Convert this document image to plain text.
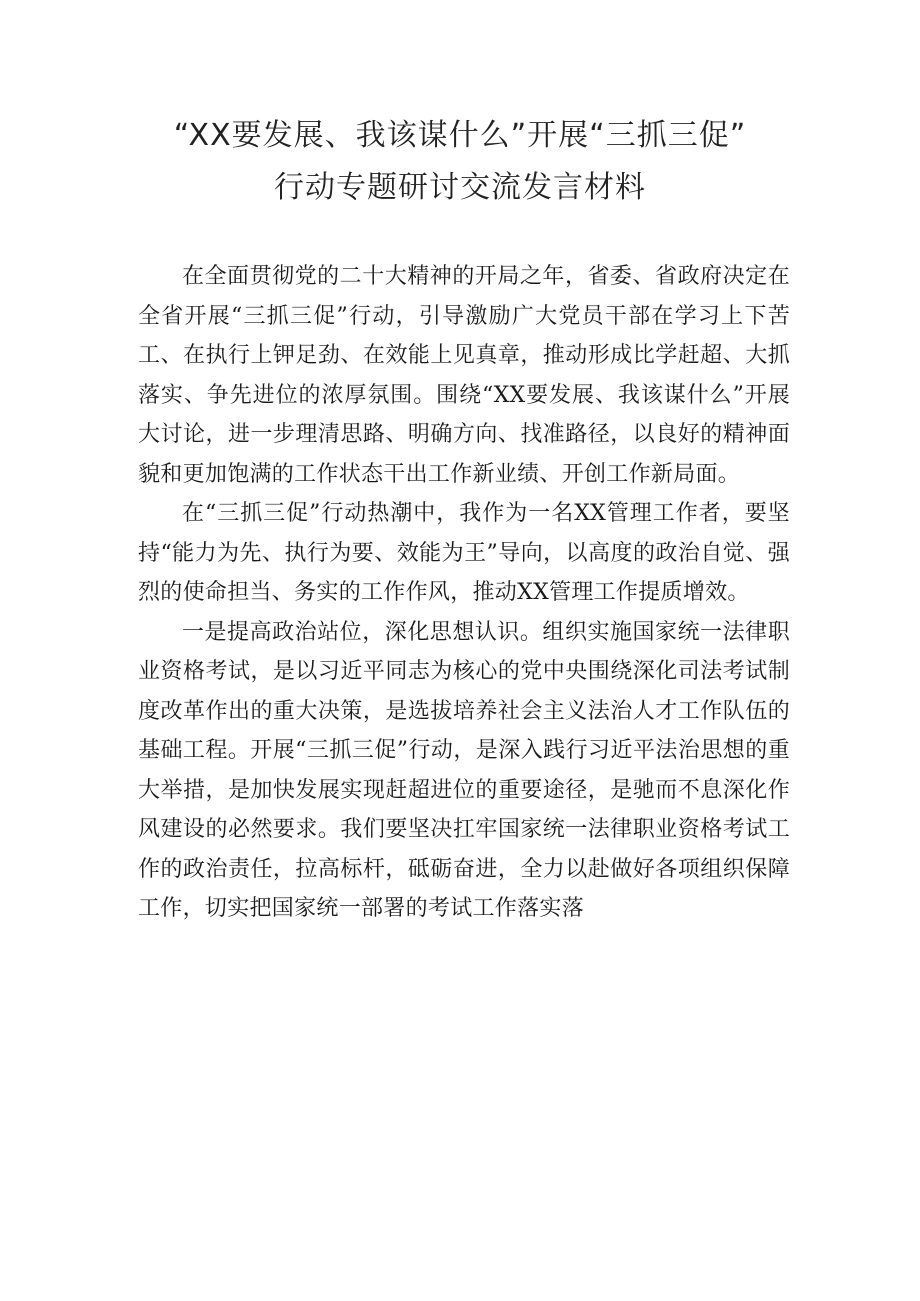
“XX要发展、我该谋什么”开展“三抓三促”
行动专题研讨交流发言材料

在全面贯彻党的二十大精神的开局之年，省委、省政府决定在全省开展“三抓三促”行动，引导激励广大党员干部在学习上下苦工、在执行上钾足劲、在效能上见真章，推动形成比学赶超、大抓落实、争先进位的浓厚氛围。围绕“XX要发展、我该谋什么”开展大讨论，进一步理清思路、明确方向、找准路径，以良好的精神面貌和更加饱满的工作状态干出工作新业绩、开创工作新局面。

在“三抓三促”行动热潮中，我作为一名XX管理工作者，要坚持“能力为先、执行为要、效能为王”导向，以高度的政治自觉、强烈的使命担当、务实的工作作风，推动XX管理工作提质增效。

一是提高政治站位，深化思想认识。组织实施国家统一法律职业资格考试，是以习近平同志为核心的党中央围绕深化司法考试制度改革作出的重大决策，是选拔培养社会主义法治人才工作队伍的基础工程。开展“三抓三促”行动，是深入践行习近平法治思想的重大举措，是加快发展实现赶超进位的重要途径，是驰而不息深化作风建设的必然要求。我们要坚决扛牢国家统一法律职业资格考试工作的政治责任，拉高标杆，砥砺奋进，全力以赴做好各项组织保障工作，切实把国家统一部署的考试工作落实落
